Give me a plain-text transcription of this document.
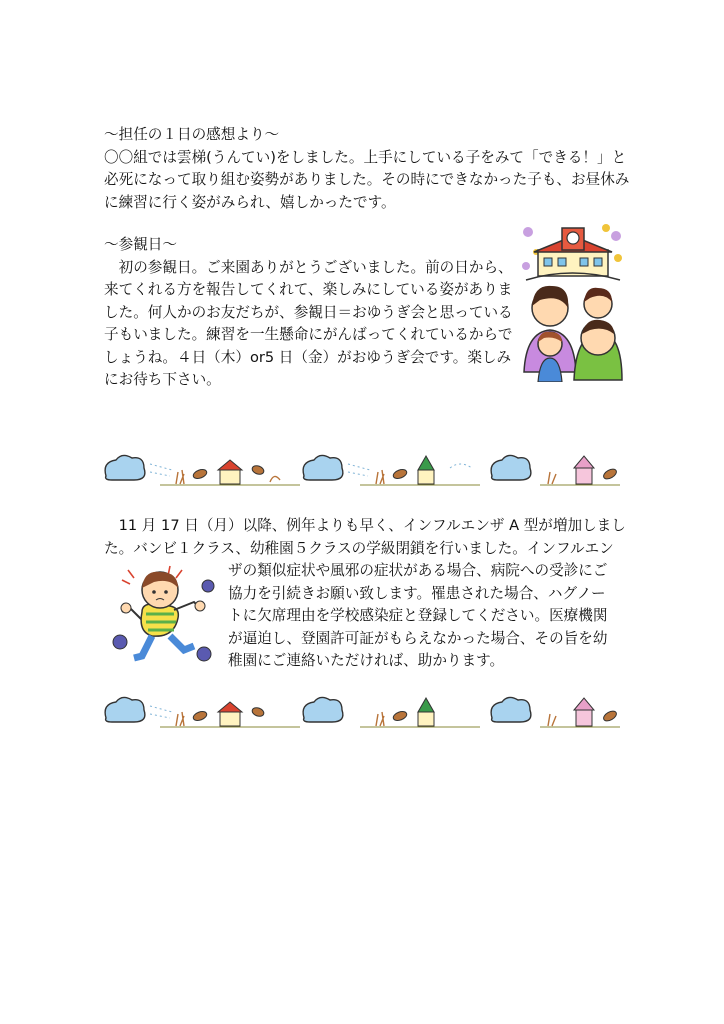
～担任の１日の感想より～
〇〇組では雲梯(うんてい)をしました。上手にしている子をみて「できる！」と
必死になって取り組む姿勢がありました。その時にできなかった子も、お昼休み
に練習に行く姿がみられ、嬉しかったです。
～参観日～
　初の参観日。ご来園ありがとうございました。前の日から、
来てくれる方を報告してくれて、楽しみにしている姿がありま
した。何人かのお友だちが、参観日＝おゆうぎ会と思っている
子もいました。練習を一生懸命にがんばってくれているからで
しょうね。４日（木）or5 日（金）がおゆうぎ会です。楽しみ
にお待ち下さい。
　11 月 17 日（月）以降、例年よりも早く、インフルエンザ A 型が増加しまし
た。バンビ１クラス、幼稚園５クラスの学級閉鎖を行いました。インフルエン
ザの類似症状や風邪の症状がある場合、病院への受診にご
協力を引続きお願い致します。罹患された場合、ハグノー
トに欠席理由を学校感染症と登録してください。医療機関
が逼迫し、登園許可証がもらえなかった場合、その旨を幼
稚園にご連絡いただければ、助かります。
